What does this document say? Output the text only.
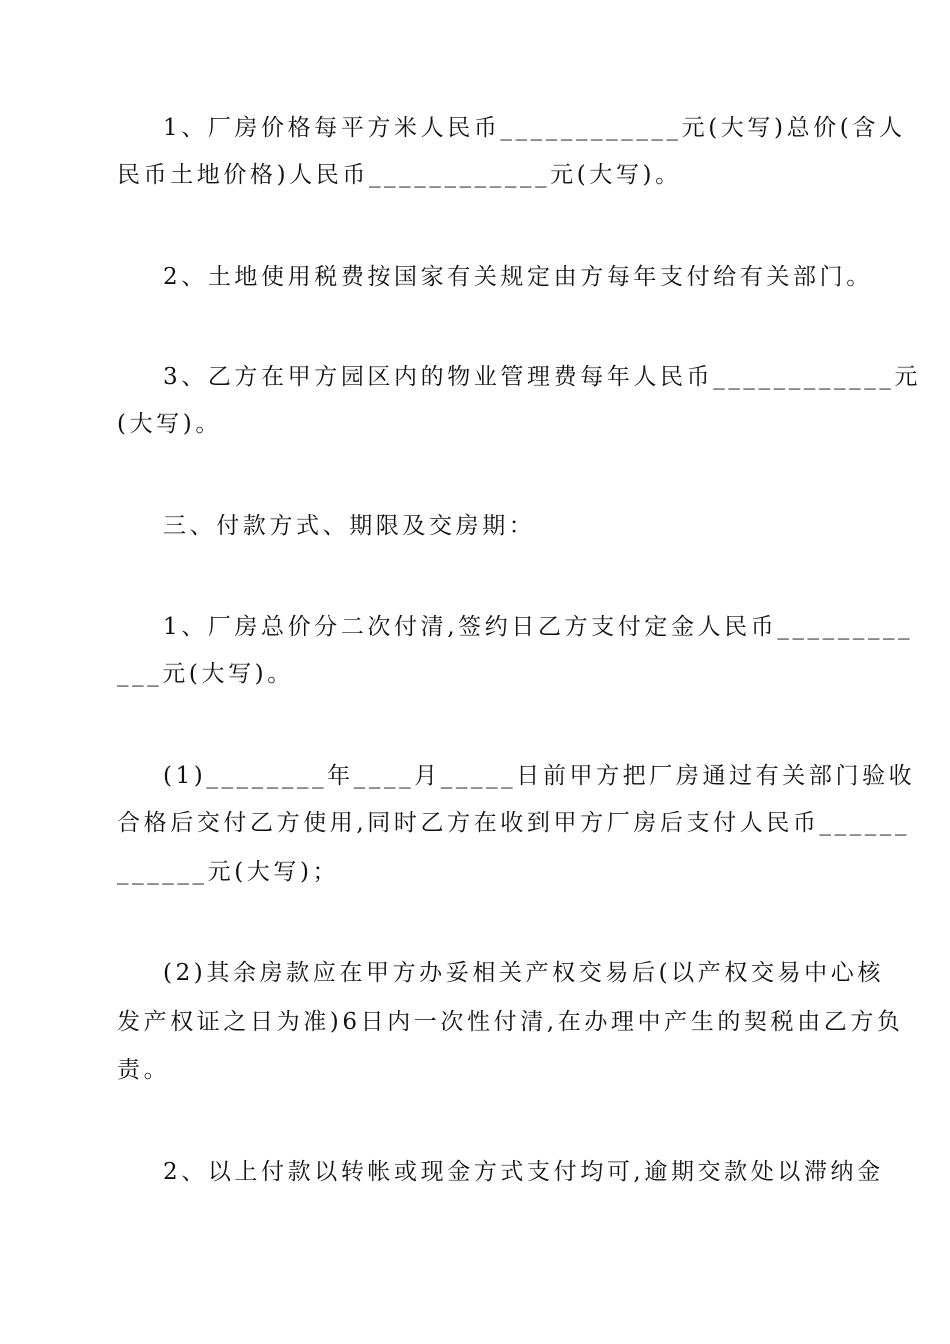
1、厂房价格每平方米人民币____________元(大写)总价(含人
民币土地价格)人民币____________元(大写)。
2、土地使用税费按国家有关规定由方每年支付给有关部门。
3、乙方在甲方园区内的物业管理费每年人民币____________元
(大写)。
三、付款方式、期限及交房期：
1、厂房总价分二次付清,签约日乙方支付定金人民币_________
___元(大写)。
(1)________年____月_____日前甲方把厂房通过有关部门验收
合格后交付乙方使用,同时乙方在收到甲方厂房后支付人民币______
______元(大写)；
(2)其余房款应在甲方办妥相关产权交易后(以产权交易中心核
发产权证之日为准)6日内一次性付清,在办理中产生的契税由乙方负
责。
2、以上付款以转帐或现金方式支付均可,逾期交款处以滞纳金
